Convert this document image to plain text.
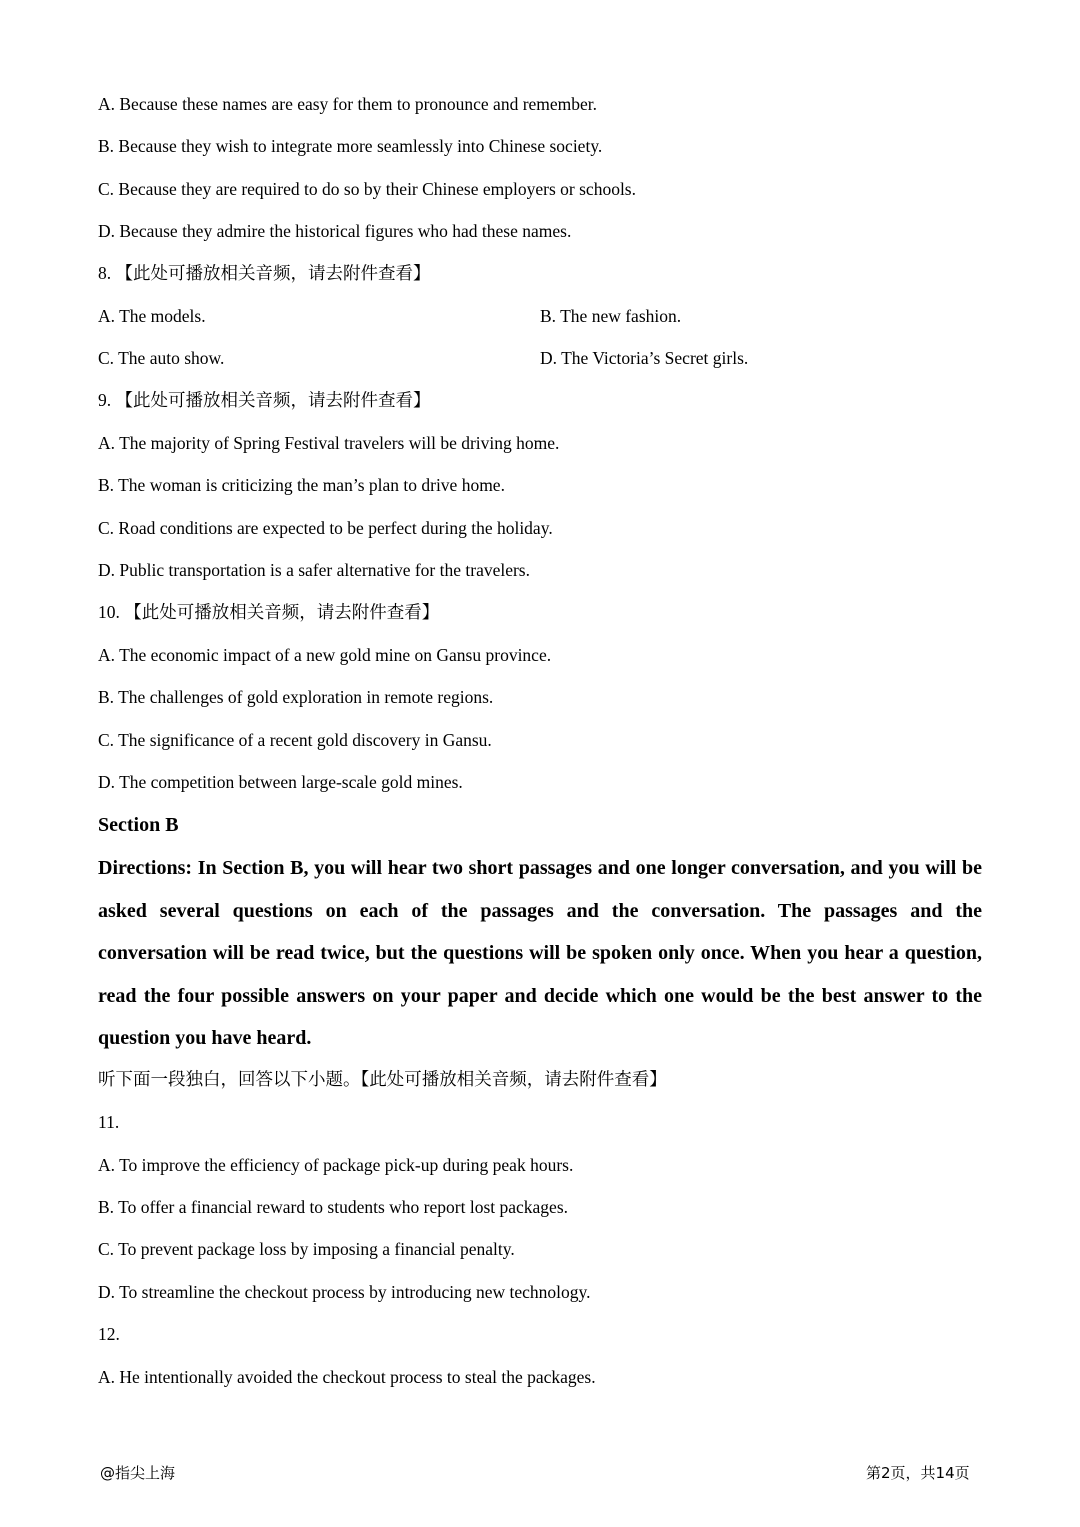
A. Because these names are easy for them to pronounce and remember.
B. Because they wish to integrate more seamlessly into Chinese society.
C. Because they are required to do so by their Chinese employers or schools.
D. Because they admire the historical figures who had these names.
8. 【此处可播放相关音频，请去附件查看】
A. The models.	B. The new fashion.
C. The auto show.	D. The Victoria’s Secret girls.
9. 【此处可播放相关音频，请去附件查看】
A. The majority of Spring Festival travelers will be driving home.
B. The woman is criticizing the man’s plan to drive home.
C. Road conditions are expected to be perfect during the holiday.
D. Public transportation is a safer alternative for the travelers.
10. 【此处可播放相关音频，请去附件查看】
A. The economic impact of a new gold mine on Gansu province.
B. The challenges of gold exploration in remote regions.
C. The significance of a recent gold discovery in Gansu.
D. The competition between large-scale gold mines.
Section B
Directions: In Section B, you will hear two short passages and one longer conversation, and you will be asked several questions on each of the passages and the conversation. The passages and the conversation will be read twice, but the questions will be spoken only once. When you hear a question, read the four possible answers on your paper and decide which one would be the best answer to the question you have heard.
听下面一段独白，回答以下小题。【此处可播放相关音频，请去附件查看】
11.
A. To improve the efficiency of package pick-up during peak hours.
B. To offer a financial reward to students who report lost packages.
C. To prevent package loss by imposing a financial penalty.
D. To streamline the checkout process by introducing new technology.
12.
A. He intentionally avoided the checkout process to steal the packages.
@指尖上海	第2页，共14页
